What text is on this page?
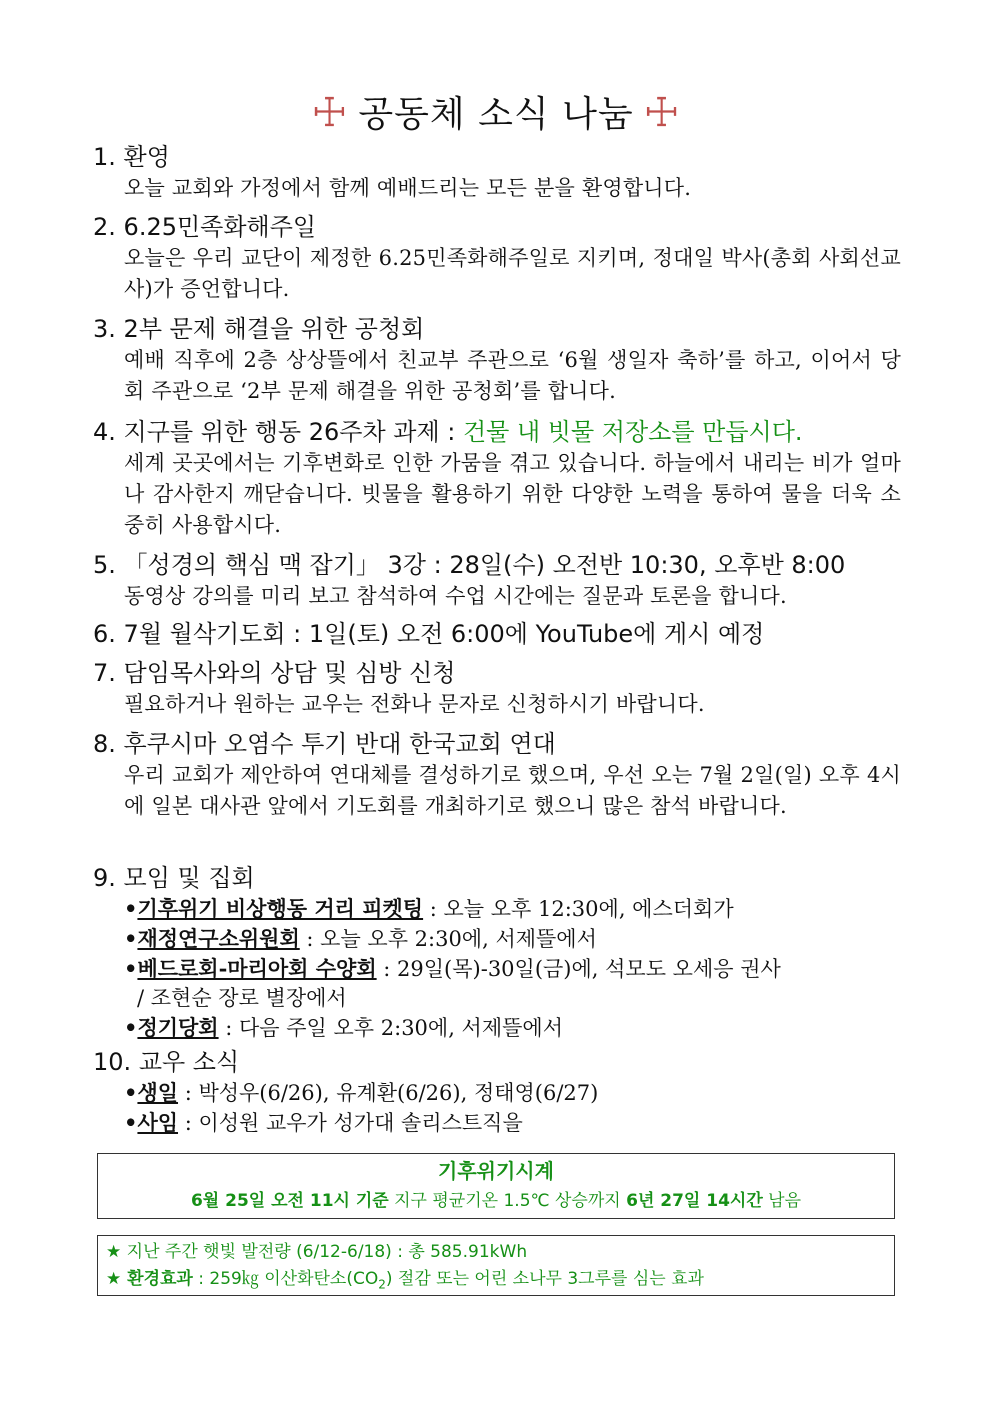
☩ 공동체 소식 나눔 ☩
1. 환영
오늘 교회와 가정에서 함께 예배드리는 모든 분을 환영합니다.
2. 6.25민족화해주일
오늘은 우리 교단이 제정한 6.25민족화해주일로 지키며, 정대일 박사(총회 사회선교사)가 증언합니다.
3. 2부 문제 해결을 위한 공청회
예배 직후에 2층 상상뜰에서 친교부 주관으로 ‘6월 생일자 축하’를 하고, 이어서 당회 주관으로 ‘2부 문제 해결을 위한 공청회’를 합니다.
4. 지구를 위한 행동 26주차 과제 : 건물 내 빗물 저장소를 만듭시다.
세계 곳곳에서는 기후변화로 인한 가뭄을 겪고 있습니다. 하늘에서 내리는 비가 얼마나 감사한지 깨닫습니다. 빗물을 활용하기 위한 다양한 노력을 통하여 물을 더욱 소중히 사용합시다.
5. 「성경의 핵심 맥 잡기」 3강 : 28일(수) 오전반 10:30, 오후반 8:00
동영상 강의를 미리 보고 참석하여 수업 시간에는 질문과 토론을 합니다.
6. 7월 월삭기도회 : 1일(토) 오전 6:00에 YouTube에 게시 예정
7. 담임목사와의 상담 및 심방 신청
필요하거나 원하는 교우는 전화나 문자로 신청하시기 바랍니다.
8. 후쿠시마 오염수 투기 반대 한국교회 연대
우리 교회가 제안하여 연대체를 결성하기로 했으며, 우선 오는 7월 2일(일) 오후 4시에 일본 대사관 앞에서 기도회를 개최하기로 했으니 많은 참석 바랍니다.
9. 모임 및 집회
•기후위기 비상행동 거리 피켓팅 : 오늘 오후 12:30에, 에스더회가
•재정연구소위원회 : 오늘 오후 2:30에, 서제뜰에서
•베드로회-마리아회 수양회 : 29일(목)-30일(금)에, 석모도 오세응 권사
/ 조현순 장로 별장에서
•정기당회 : 다음 주일 오후 2:30에, 서제뜰에서
10. 교우 소식
•생일 : 박성우(6/26), 유계환(6/26), 정태영(6/27)
•사임 : 이성원 교우가 성가대 솔리스트직을
기후위기시계
6월 25일 오전 11시 기준 지구 평균기온 1.5℃ 상승까지 6년 27일 14시간 남음
★ 지난 주간 햇빛 발전량 (6/12-6/18) : 총 585.91kWh
★ 환경효과 : 259㎏ 이산화탄소$(CO_2)$ 절감 또는 어린 소나무 3그루를 심는 효과
